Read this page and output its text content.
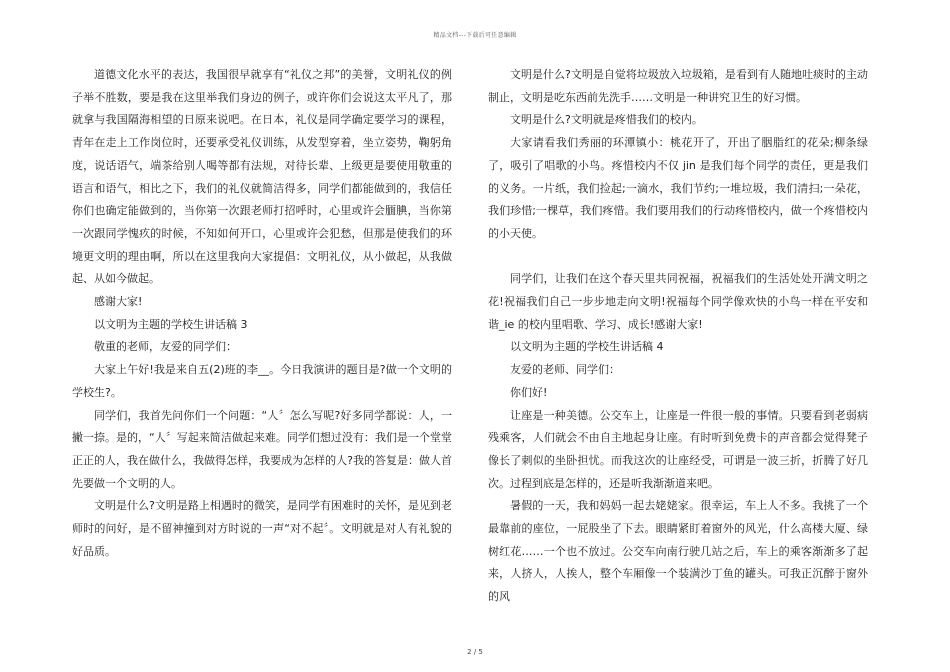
精品文档---下载后可任意编辑

道德文化水平的表达，我国很早就享有“礼仪之邦”的美誉，文明礼仪的例子举不胜数，要是我在这里举我们身边的例子，或许你们会说这太平凡了，那就拿与我国隔海相望的日原来说吧。在日本，礼仪是同学确定要学习的课程，青年在走上工作岗位时，还要承受礼仪训练，从发型穿着，坐立姿势，鞠躬角度，说话语气，端茶给别人喝等都有法规，对待长辈、上级更是要使用敬重的语言和语气，相比之下，我们的礼仪就简洁得多，同学们都能做到的，我信任你们也确定能做到的，当你第一次跟老师打招呼时，心里或许会腼腆，当你第一次跟同学愧疚的时候，不知如何开口，心里或许会犯愁，但那是使我们的环境更文明的理由啊，所以在这里我向大家提倡：文明礼仪，从小做起，从我做起、从如今做起。

感谢大家!

以文明为主题的学校生讲话稿 3

敬重的老师，友爱的同学们：

大家上午好!我是来自五(2)班的李__。今日我演讲的题目是?做一个文明的学校生?。

同学们，我首先问你们一个问题：“人〞怎么写呢?好多同学都说：人，一撇一捺。是的，“人〞写起来简洁做起来难。同学们想过没有：我们是一个堂堂正正的人，我在做什么，我做得怎样，我要成为怎样的人?我的答复是：做人首先要做一个文明的人。

文明是什么?文明是路上相遇时的微笑，是同学有困难时的关怀，是见到老师时的问好，是不留神撞到对方时说的一声“对不起〞。文明就是对人有礼貌的好品质。

文明是什么?文明是自觉将垃圾放入垃圾箱，是看到有人随地吐痰时的主动制止，文明是吃东西前先洗手……文明是一种讲究卫生的好习惯。

文明是什么?文明就是疼惜我们的校内。

大家请看我们秀丽的环潭镇小：桃花开了，开出了胭脂红的花朵;柳条绿了，吸引了唱歌的小鸟。疼惜校内不仅 jin 是我们每个同学的责任，更是我们的义务。一片纸，我们捡起;一滴水，我们节约;一堆垃圾，我们清扫;一朵花，我们珍惜;一棵草，我们疼惜。我们要用我们的行动疼惜校内，做一个疼惜校内的小天使。

同学们，让我们在这个春天里共同祝福，祝福我们的生活处处开满文明之花!祝福我们自己一步步地走向文明!祝福每个同学像欢快的小鸟一样在平安和谐_ie 的校内里唱歌、学习、成长!感谢大家!

以文明为主题的学校生讲话稿 4

友爱的老师、同学们：

你们好!

让座是一种美德。公交车上，让座是一件很一般的事情。只要看到老弱病残乘客，人们就会不由自主地起身让座。有时听到免费卡的声音都会觉得凳子像长了刺似的坐卧担忧。而我这次的让座经受，可谓是一波三折，折腾了好几次。过程到底是怎样的，还是听我渐渐道来吧。

暑假的一天，我和妈妈一起去姥姥家。很幸运，车上人不多。我挑了一个最靠前的座位，一屁股坐了下去。眼睛紧盯着窗外的风光，什么高楼大厦、绿树红花……一个也不放过。公交车向南行驶几站之后，车上的乘客渐渐多了起来，人挤人，人挨人，整个车厢像一个装满沙丁鱼的罐头。可我正沉醉于窗外的风

2 / 5
